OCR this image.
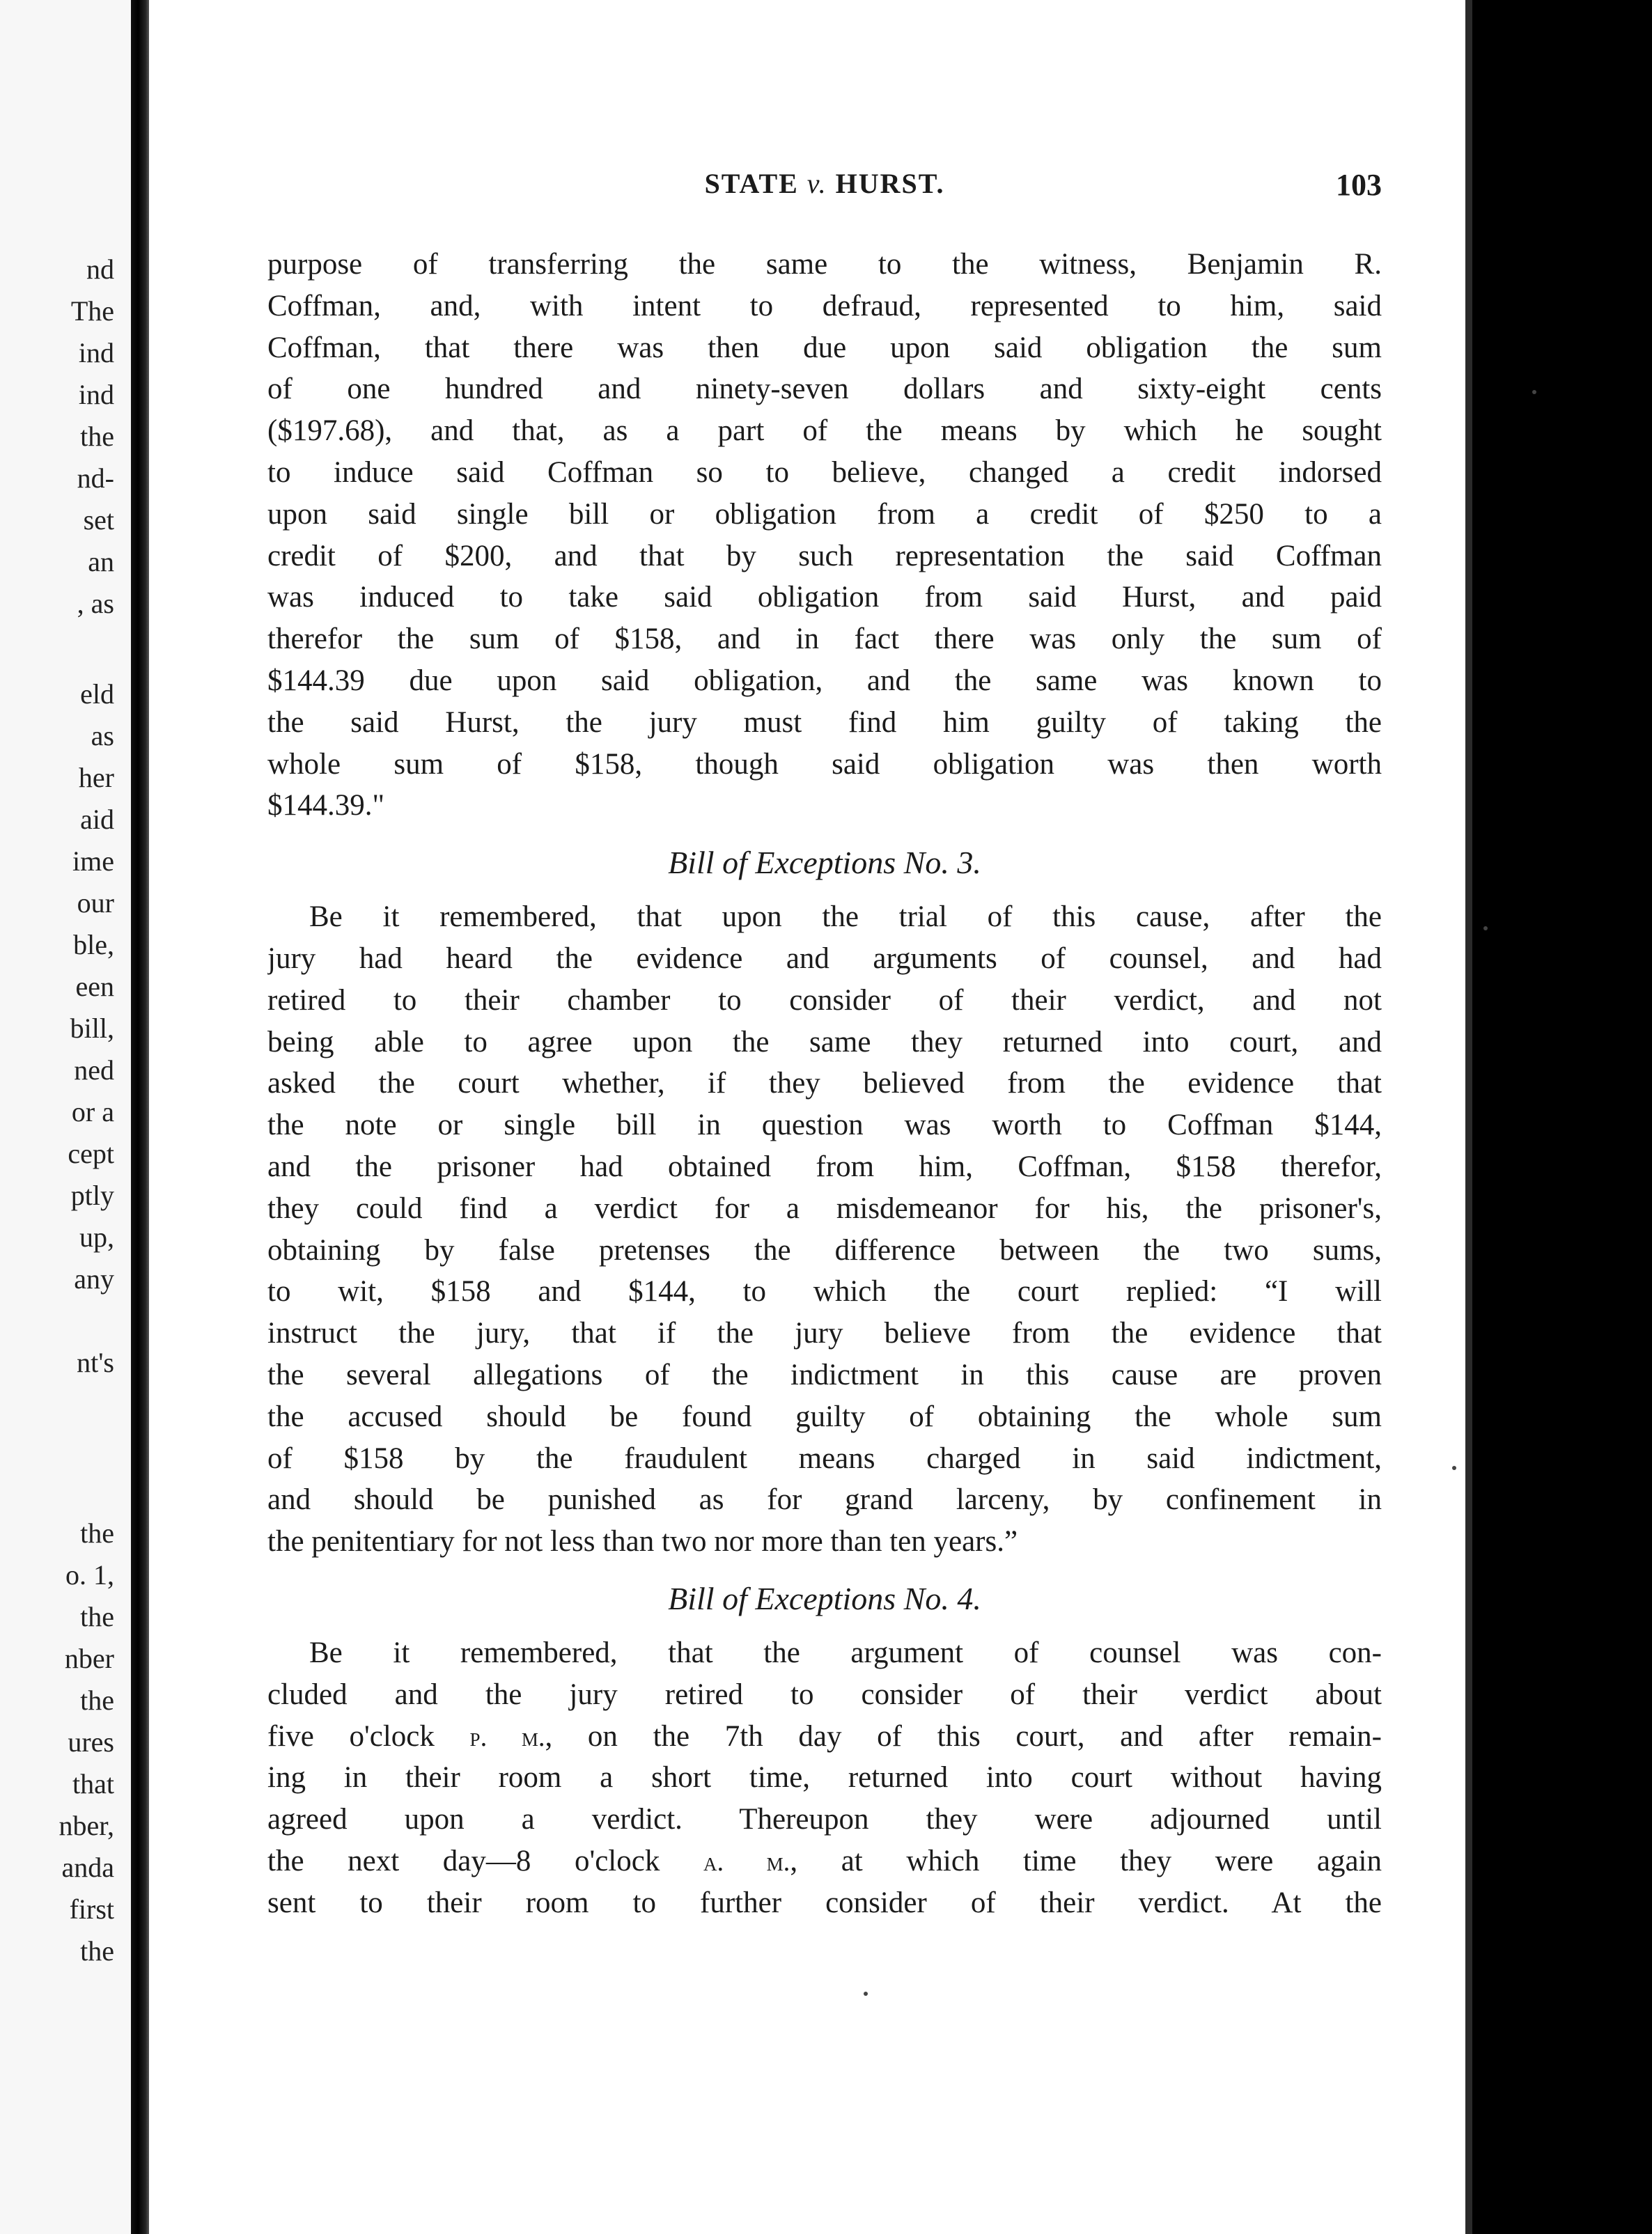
nd

The

ind

ind

the

nd-

set

an

, as

eld

as

her

aid

ime

our

ble,

een

bill,

ned

or a

cept

ptly

up,

any

nt's

the

o. 1,

the

nber

the

ures

that

nber,

anda

first

the

STATE v. HURST.	103
purpose of transferring the same to the witness, Benjamin R.
Coffman, and, with intent to defraud, represented to him, said
Coffman, that there was then due upon said obligation the sum
of one hundred and ninety-seven dollars and sixty-eight cents
($197.68), and that, as a part of the means by which he sought
to induce said Coffman so to believe, changed a credit indorsed
upon said single bill or obligation from a credit of $250 to a
credit of $200, and that by such representation the said Coffman
was induced to take said obligation from said Hurst, and paid
therefor the sum of $158, and in fact there was only the sum of
$144.39 due upon said obligation, and the same was known to
the said Hurst, the jury must find him guilty of taking the
whole sum of $158, though said obligation was then worth
$144.39."
Bill of Exceptions No. 3.
Be it remembered, that upon the trial of this cause, after the
jury had heard the evidence and arguments of counsel, and had
retired to their chamber to consider of their verdict, and not
being able to agree upon the same they returned into court, and
asked the court whether, if they believed from the evidence that
the note or single bill in question was worth to Coffman $144,
and the prisoner had obtained from him, Coffman, $158 therefor,
they could find a verdict for a misdemeanor for his, the prisoner's,
obtaining by false pretenses the difference between the two sums,
to wit, $158 and $144, to which the court replied: “I will
instruct the jury, that if the jury believe from the evidence that
the several allegations of the indictment in this cause are proven
the accused should be found guilty of obtaining the whole sum
of $158 by the fraudulent means charged in said indictment,
and should be punished as for grand larceny, by confinement in
the penitentiary for not less than two nor more than ten years.”
Bill of Exceptions No. 4.
Be it remembered, that the argument of counsel was con-
cluded and the jury retired to consider of their verdict about
five o'clock p. m., on the 7th day of this court, and after remain-
ing in their room a short time, returned into court without having
agreed upon a verdict. Thereupon they were adjourned until
the next day—8 o'clock a. m., at which time they were again
sent to their room to further consider of their verdict. At the
